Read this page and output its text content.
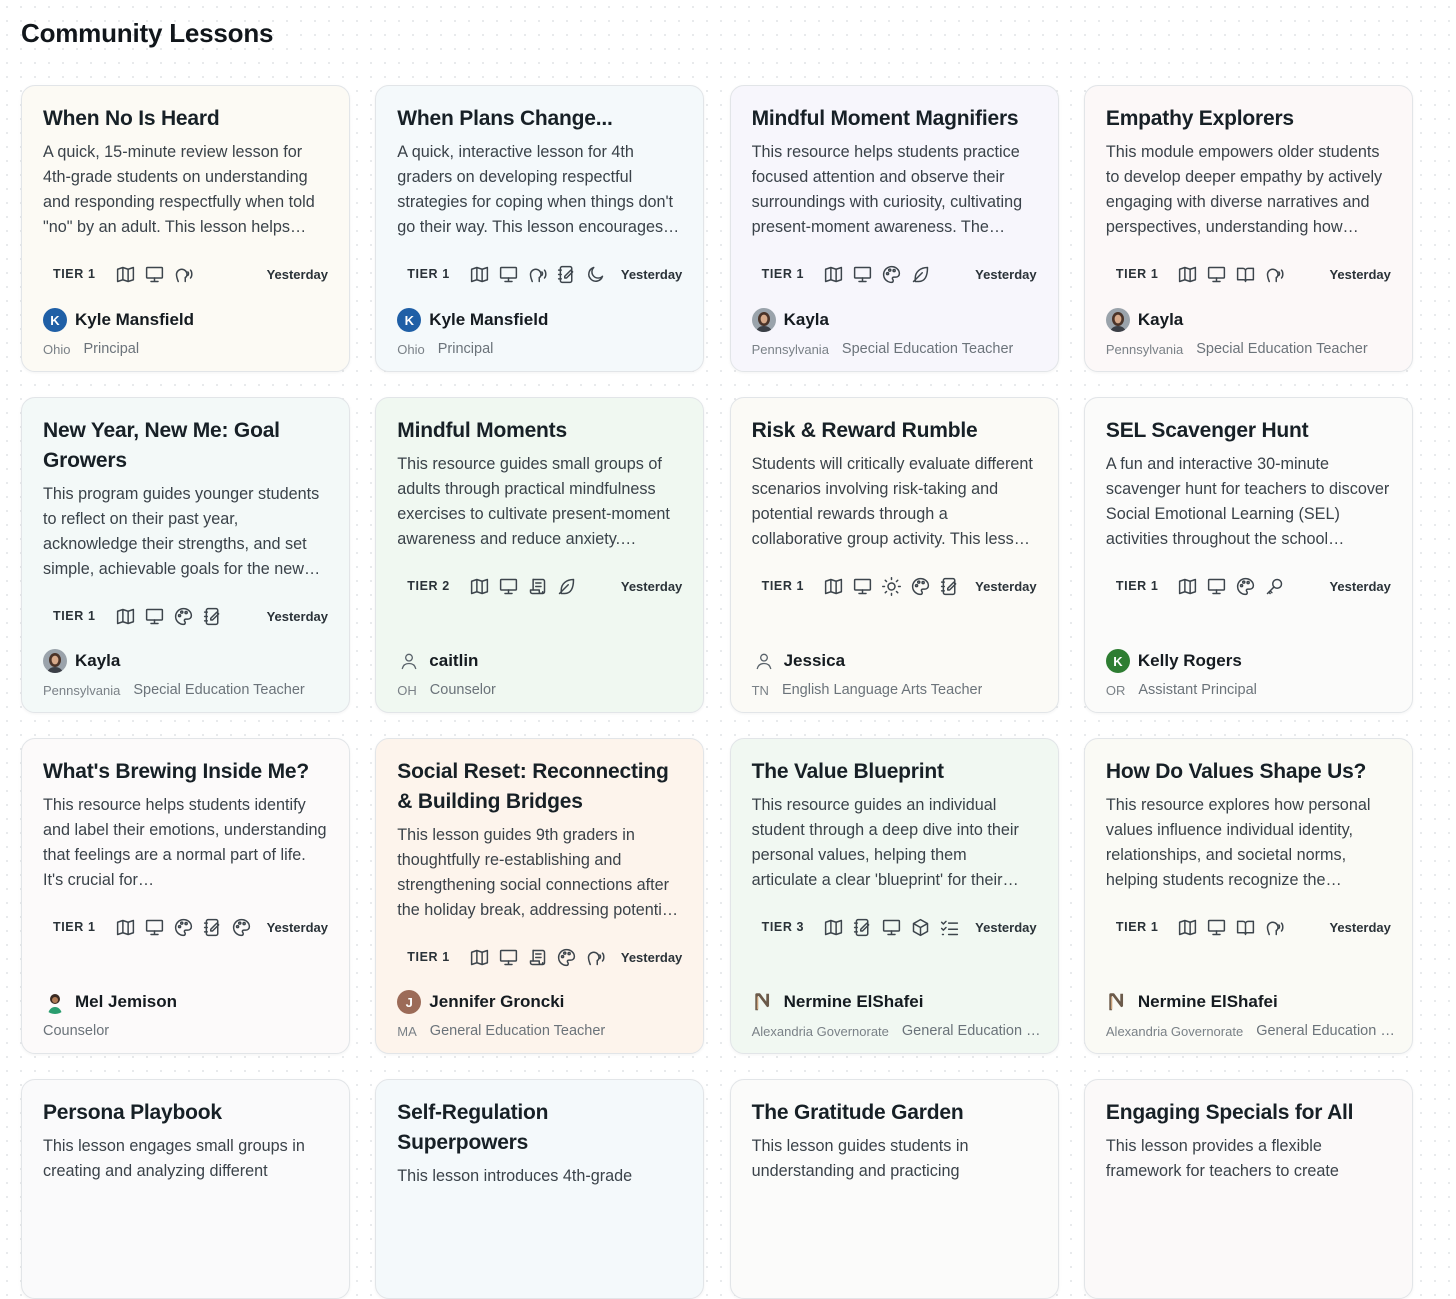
Community Lessons
When No Is Heard

A quick, 15-minute review lesson for 4th-grade students on understanding and responding respectfully when told "no" by an adult. This lesson helps…

TIER 1	Yesterday
K Kyle Mansfield
Ohio Principal
When Plans Change...

A quick, interactive lesson for 4th graders on developing respectful strategies for coping when things don't go their way. This lesson encourages…

TIER 1	Yesterday
K Kyle Mansfield
Ohio Principal
Mindful Moment Magnifiers

This resource helps students practice focused attention and observe their surroundings with curiosity, cultivating present-moment awareness. The…

TIER 1	Yesterday
Kayla
Pennsylvania Special Education Teacher
Empathy Explorers

This module empowers older students to develop deeper empathy by actively engaging with diverse narratives and perspectives, understanding how…

TIER 1	Yesterday
Kayla
Pennsylvania Special Education Teacher
New Year, New Me: Goal Growers

This program guides younger students to reflect on their past year, acknowledge their strengths, and set simple, achievable goals for the new…

TIER 1	Yesterday
Kayla
Pennsylvania Special Education Teacher
Mindful Moments

This resource guides small groups of adults through practical mindfulness exercises to cultivate present-moment awareness and reduce anxiety.…

TIER 2	Yesterday
caitlin
OH Counselor
Risk & Reward Rumble

Students will critically evaluate different scenarios involving risk-taking and potential rewards through a collaborative group activity. This less…

TIER 1	Yesterday
Jessica
TN English Language Arts Teacher
SEL Scavenger Hunt

A fun and interactive 30-minute scavenger hunt for teachers to discover Social Emotional Learning (SEL) activities throughout the school…

TIER 1	Yesterday
K Kelly Rogers
OR Assistant Principal
What's Brewing Inside Me?

This resource helps students identify and label their emotions, understanding that feelings are a normal part of life. It's crucial for…

TIER 1	Yesterday
Mel Jemison
Counselor
Social Reset: Reconnecting & Building Bridges

This lesson guides 9th graders in thoughtfully re-establishing and strengthening social connections after the holiday break, addressing potenti…

TIER 1	Yesterday
J Jennifer Groncki
MA General Education Teacher
The Value Blueprint

This resource guides an individual student through a deep dive into their personal values, helping them articulate a clear 'blueprint' for their…

TIER 3	Yesterday
Nermine ElShafei
Alexandria Governorate General Education …
How Do Values Shape Us?

This resource explores how personal values influence individual identity, relationships, and societal norms, helping students recognize the…

TIER 1	Yesterday
Nermine ElShafei
Alexandria Governorate General Education …
Persona Playbook

This lesson engages small groups in creating and analyzing different

Self-Regulation Superpowers

This lesson introduces 4th-grade

The Gratitude Garden

This lesson guides students in understanding and practicing

Engaging Specials for All

This lesson provides a flexible framework for teachers to create
